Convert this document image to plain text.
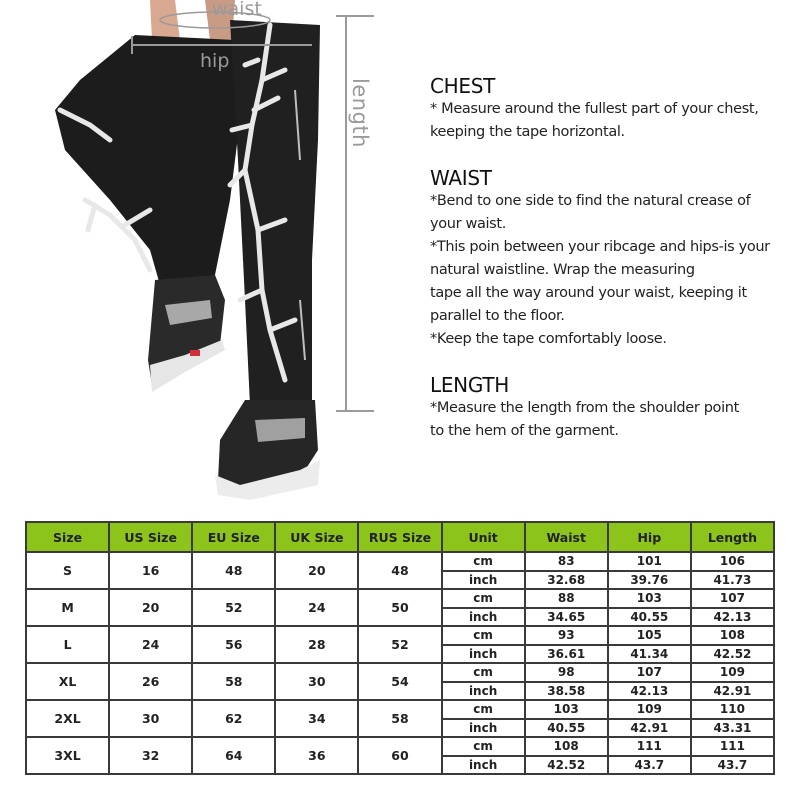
waist
hip
length	CHEST

* Measure around the fullest part of your chest,

keeping the tape horizontal.

WAIST

*Bend to one side to find the natural crease of

your waist.

*This poin between your ribcage and hips-is your

natural waistline. Wrap the measuring

tape all the way around your waist, keeping it

parallel to the floor.

*Keep the tape comfortably loose.

LENGTH

*Measure the length from the shoulder point

to the hem of the garment.

Size	US Size	EU Size	UK Size	RUS Size	Unit	Waist	Hip	Length
S	16	48	20	48	cm	83	101	106
					inch	32.68	39.76	41.73
M	20	52	24	50	cm	88	103	107
					inch	34.65	40.55	42.13
L	24	56	28	52	cm	93	105	108
					inch	36.61	41.34	42.52
XL	26	58	30	54	cm	98	107	109
					inch	38.58	42.13	42.91
2XL	30	62	34	58	cm	103	109	110
					inch	40.55	42.91	43.31
3XL	32	64	36	60	cm	108	111	111
					inch	42.52	43.7	43.7
